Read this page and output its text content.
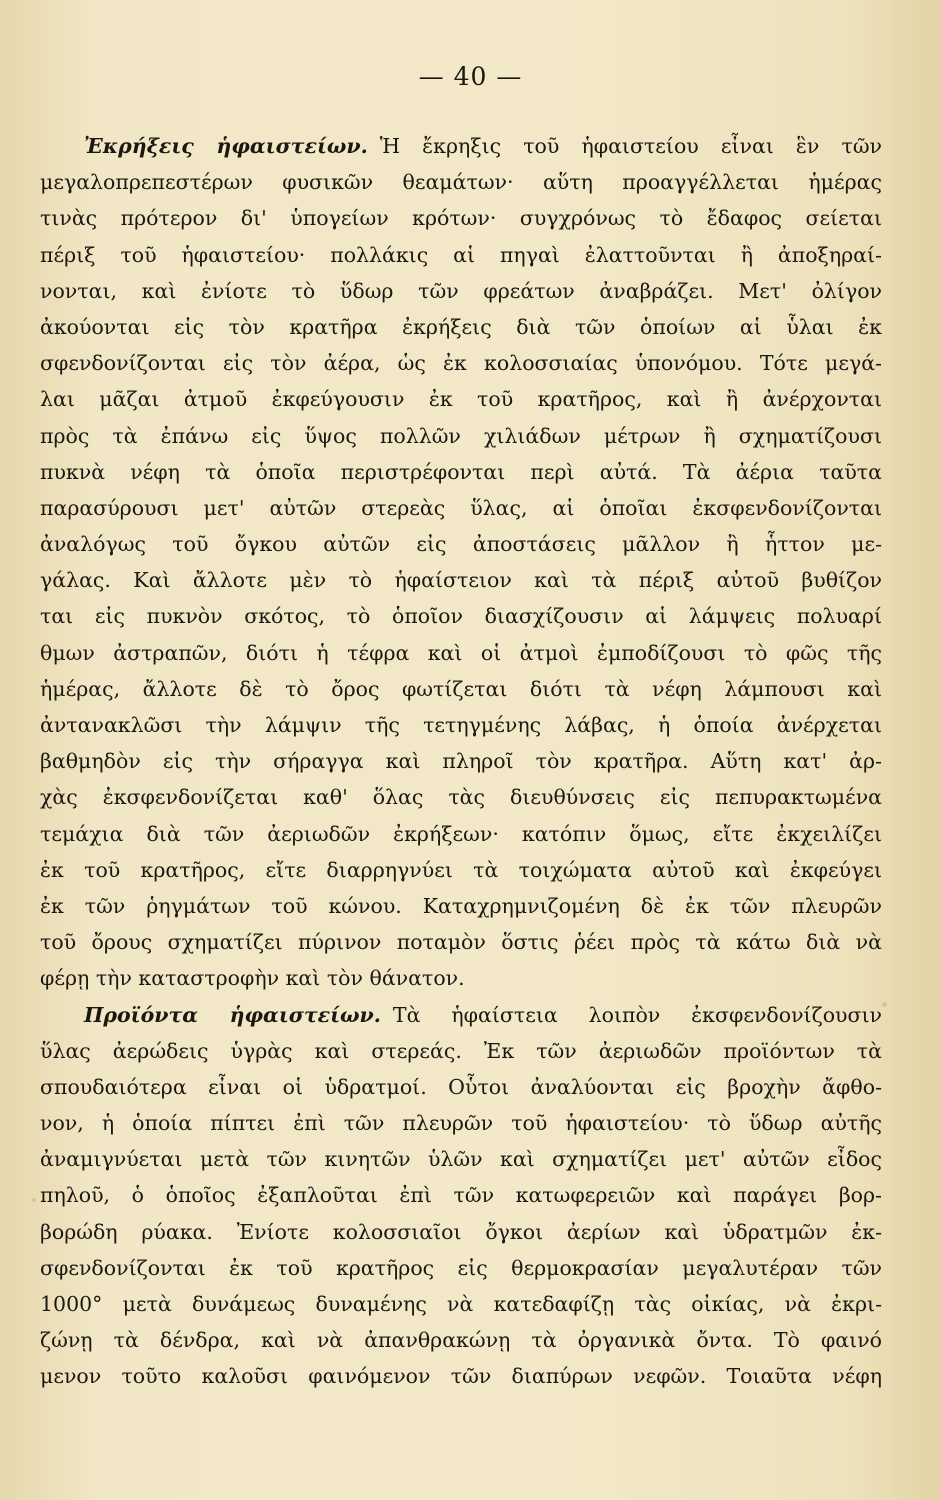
— 40 —
Ἐκρήξεις ἡφαιστείων. Ἡ ἔκρηξις τοῦ ἡφαιστείου εἶναι ἓν τῶν
μεγαλοπρεπεστέρων φυσικῶν θεαμάτων· αὕτη προαγγέλλεται ἡμέρας
τινὰς πρότερον δι' ὑπογείων κρότων· συγχρόνως τὸ ἔδαφος σείεται
πέριξ τοῦ ἡφαιστείου· πολλάκις αἱ πηγαὶ ἐλαττοῦνται ἢ ἀποξηραί-
νονται, καὶ ἐνίοτε τὸ ὕδωρ τῶν φρεάτων ἀναβράζει. Μετ' ὀλίγον
ἀκούονται εἰς τὸν κρατῆρα ἐκρήξεις διὰ τῶν ὁποίων αἱ ὗλαι ἐκ
σφενδονίζονται εἰς τὸν ἀέρα, ὡς ἐκ κολοσσιαίας ὑπονόμου. Τότε μεγά-
λαι μᾶζαι ἀτμοῦ ἐκφεύγουσιν ἐκ τοῦ κρατῆρος, καὶ ἢ ἀνέρχονται
πρὸς τὰ ἐπάνω εἰς ὕψος πολλῶν χιλιάδων μέτρων ἢ σχηματίζουσι
πυκνὰ νέφη τὰ ὁποῖα περιστρέφονται περὶ αὐτά. Τὰ ἀέρια ταῦτα
παρασύρουσι μετ' αὐτῶν στερεὰς ὕλας, αἱ ὁποῖαι ἐκσφενδονίζονται
ἀναλόγως τοῦ ὄγκου αὐτῶν εἰς ἀποστάσεις μᾶλλον ἢ ἧττον με-
γάλας. Καὶ ἄλλοτε μὲν τὸ ἡφαίστειον καὶ τὰ πέριξ αὐτοῦ βυθίζον
ται εἰς πυκνὸν σκότος, τὸ ὁποῖον διασχίζουσιν αἱ λάμψεις πολυαρί
θμων ἀστραπῶν, διότι ἡ τέφρα καὶ οἱ ἀτμοὶ ἐμποδίζουσι τὸ φῶς τῆς
ἡμέρας, ἄλλοτε δὲ τὸ ὄρος φωτίζεται διότι τὰ νέφη λάμπουσι καὶ
ἀντανακλῶσι τὴν λάμψιν τῆς τετηγμένης λάβας, ἡ ὁποία ἀνέρχεται
βαθμηδὸν εἰς τὴν σήραγγα καὶ πληροῖ τὸν κρατῆρα. Αὕτη κατ' ἀρ-
χὰς ἐκσφενδονίζεται καθ' ὅλας τὰς διευθύνσεις εἰς πεπυρακτωμένα
τεμάχια διὰ τῶν ἀεριωδῶν ἐκρήξεων· κατόπιν ὅμως, εἴτε ἐκχειλίζει
ἐκ τοῦ κρατῆρος, εἴτε διαρρηγνύει τὰ τοιχώματα αὐτοῦ καὶ ἐκφεύγει
ἐκ τῶν ῥηγμάτων τοῦ κώνου. Καταχρημνιζομένη δὲ ἐκ τῶν πλευρῶν
τοῦ ὄρους σχηματίζει πύρινον ποταμὸν ὅστις ῥέει πρὸς τὰ κάτω διὰ νὰ
φέρῃ τὴν καταστροφὴν καὶ τὸν θάνατον.
Προϊόντα ἡφαιστείων. Τὰ ἡφαίστεια λοιπὸν ἐκσφενδονίζουσιν
ὕλας ἀερώδεις ὑγρὰς καὶ στερεάς. Ἐκ τῶν ἀεριωδῶν προϊόντων τὰ
σπουδαιότερα εἶναι οἱ ὑδρατμοί. Οὗτοι ἀναλύονται εἰς βροχὴν ἄφθο-
νον, ἡ ὁποία πίπτει ἐπὶ τῶν πλευρῶν τοῦ ἡφαιστείου· τὸ ὕδωρ αὐτῆς
ἀναμιγνύεται μετὰ τῶν κινητῶν ὑλῶν καὶ σχηματίζει μετ' αὐτῶν εἶδος
πηλοῦ, ὁ ὁποῖος ἐξαπλοῦται ἐπὶ τῶν κατωφερειῶν καὶ παράγει βορ-
βορώδη ρύακα. Ἐνίοτε κολοσσιαῖοι ὄγκοι ἀερίων καὶ ὑδρατμῶν ἐκ-
σφενδονίζονται ἐκ τοῦ κρατῆρος εἰς θερμοκρασίαν μεγαλυτέραν τῶν
1000° μετὰ δυνάμεως δυναμένης νὰ κατεδαφίζῃ τὰς οἰκίας, νὰ ἐκρι-
ζώνῃ τὰ δένδρα, καὶ νὰ ἀπανθρακώνῃ τὰ ὀργανικὰ ὄντα. Τὸ φαινό
μενον τοῦτο καλοῦσι φαινόμενον τῶν διαπύρων νεφῶν. Τοιαῦτα νέφη
